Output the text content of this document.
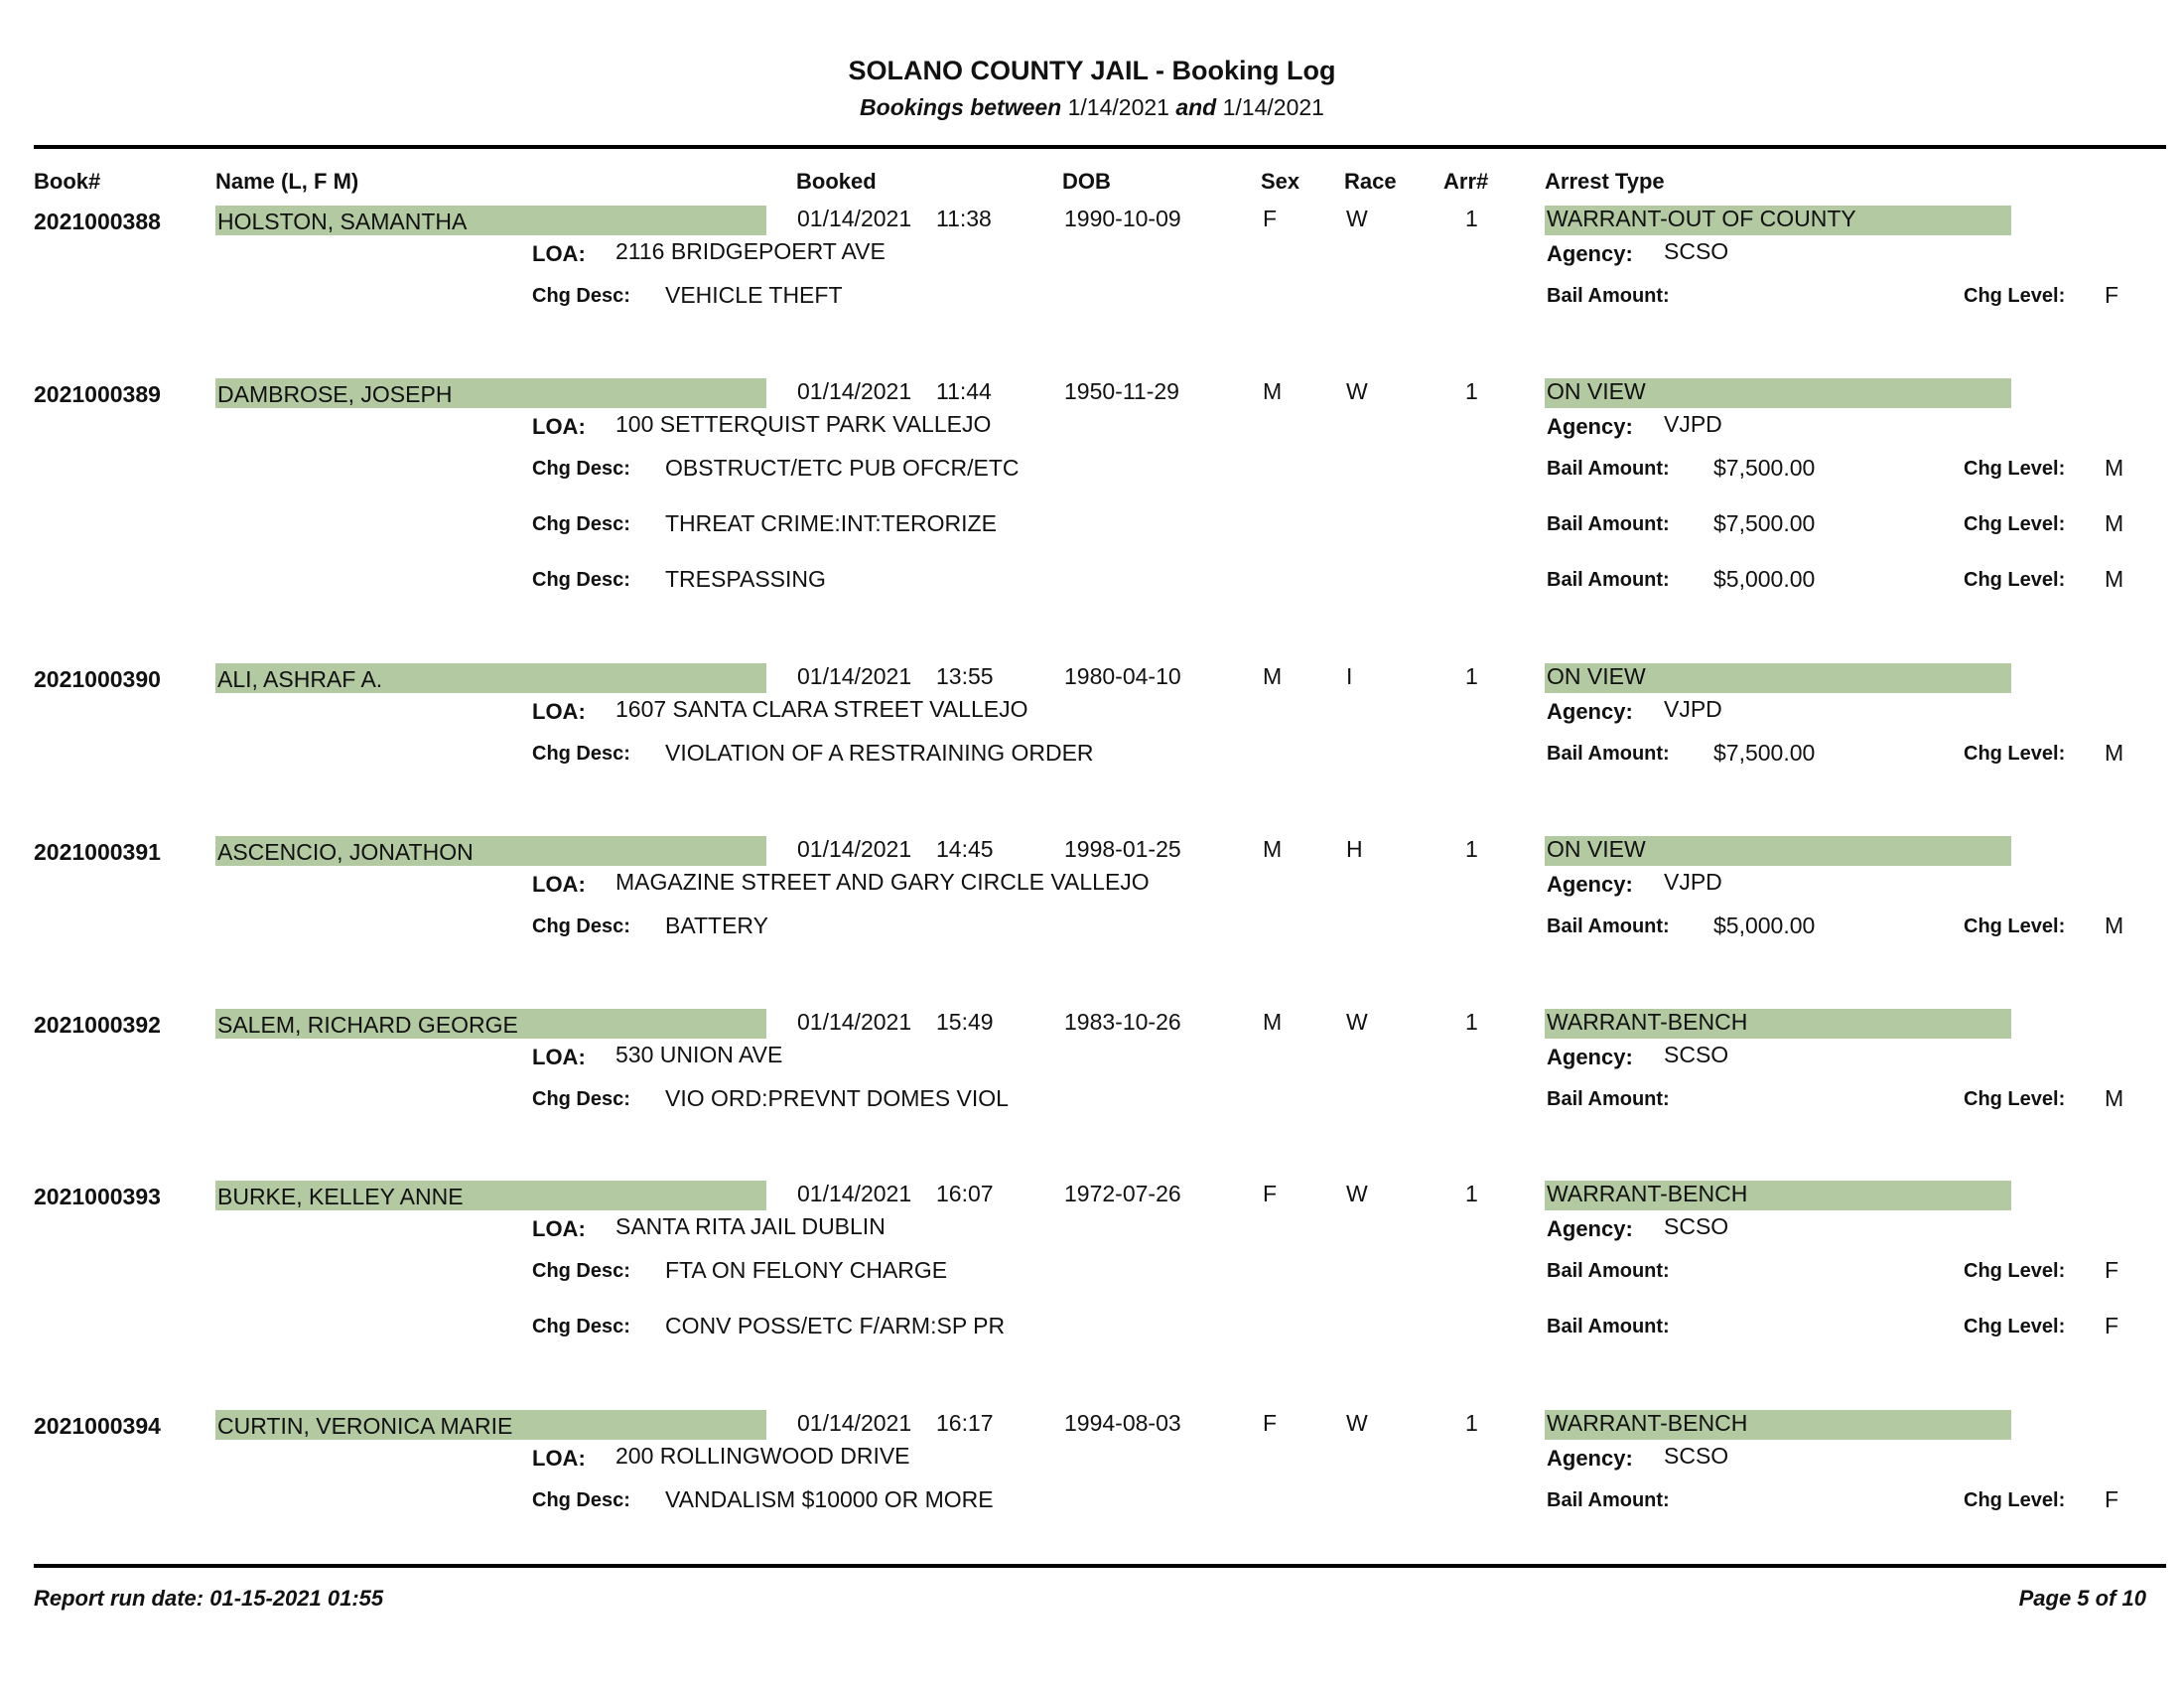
SOLANO COUNTY JAIL - Booking Log
Bookings between 1/14/2021 and 1/14/2021
Book#	Name (L, F M)	Booked	DOB	Sex Race Arr#	Arrest Type
2021000388 HOLSTON, SAMANTHA	01/14/2021 11:38	1990-10-09	F	W	1	WARRANT-OUT OF COUNTY
LOA: 2116 BRIDGEPOERT AVE	Agency: SCSO
Chg Desc: VEHICLE THEFT	Bail Amount:	Chg Level: F
2021000389 DAMBROSE, JOSEPH	01/14/2021 11:44	1950-11-29	M	W	1	ON VIEW
LOA: 100 SETTERQUIST PARK VALLEJO	Agency: VJPD
Chg Desc: OBSTRUCT/ETC PUB OFCR/ETC	Bail Amount: $7,500.00	Chg Level: M
Chg Desc: THREAT CRIME:INT:TERORIZE	Bail Amount: $7,500.00	Chg Level: M
Chg Desc: TRESPASSING	Bail Amount: $5,000.00	Chg Level: M
2021000390 ALI, ASHRAF A.	01/14/2021 13:55	1980-04-10	M	I	1	ON VIEW
LOA: 1607 SANTA CLARA STREET VALLEJO	Agency: VJPD
Chg Desc: VIOLATION OF A RESTRAINING ORDER	Bail Amount: $7,500.00	Chg Level: M
2021000391 ASCENCIO, JONATHON	01/14/2021 14:45	1998-01-25	M	H	1	ON VIEW
LOA: MAGAZINE STREET AND GARY CIRCLE VALLEJO	Agency: VJPD
Chg Desc: BATTERY	Bail Amount: $5,000.00	Chg Level: M
2021000392 SALEM, RICHARD GEORGE	01/14/2021 15:49	1983-10-26	M	W	1	WARRANT-BENCH
LOA: 530 UNION AVE	Agency: SCSO
Chg Desc: VIO ORD:PREVNT DOMES VIOL	Bail Amount:	Chg Level: M
2021000393 BURKE, KELLEY ANNE	01/14/2021 16:07	1972-07-26	F	W	1	WARRANT-BENCH
LOA: SANTA RITA JAIL DUBLIN	Agency: SCSO
Chg Desc: FTA ON FELONY CHARGE	Bail Amount:	Chg Level: F
Chg Desc: CONV POSS/ETC F/ARM:SP PR	Bail Amount:	Chg Level: F
2021000394 CURTIN, VERONICA MARIE	01/14/2021 16:17	1994-08-03	F	W	1	WARRANT-BENCH
LOA: 200 ROLLINGWOOD DRIVE	Agency: SCSO
Chg Desc: VANDALISM $10000 OR MORE	Bail Amount:	Chg Level: F
Report run date: 01-15-2021 01:55	Page 5 of 10
